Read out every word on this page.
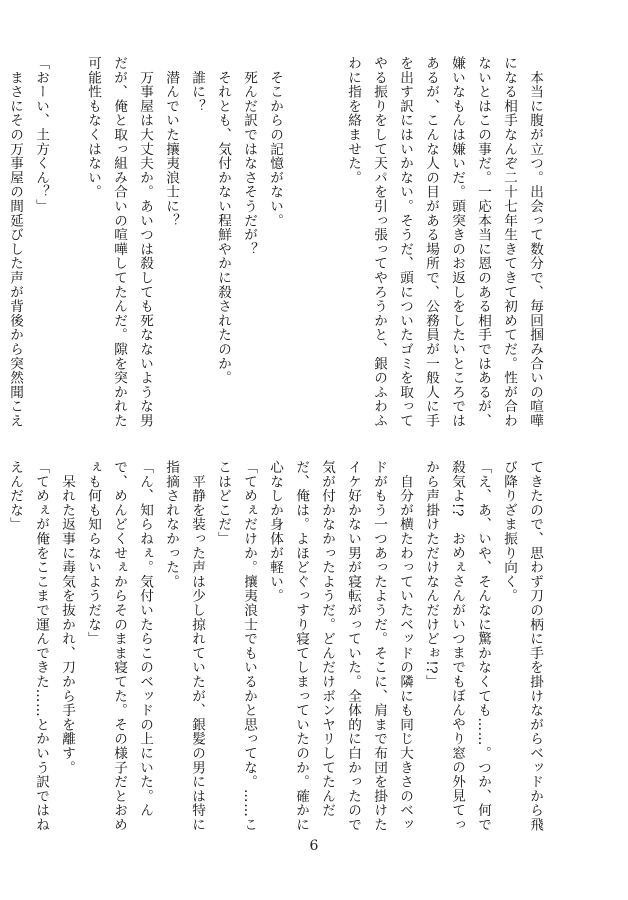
　本当に腹が立つ。出会って数分で、毎回掴み合いの喧嘩
になる相手なんぞ二十七年生きてきて初めてだ。性が合わ
ないとはこの事だ。一応本当に恩のある相手ではあるが、
嫌いなもんは嫌いだ。頭突きのお返しをしたいところでは
あるが、こんな人の目がある場所で、公務員が一般人に手
を出す訳にはいかない。そうだ、頭についたゴミを取って
やる振りをして天パを引っ張ってやろうかと、銀のふわふ
わに指を絡ませた。

　そこからの記憶がない。
　死んだ訳ではなさそうだが？
　それとも、気付かない程鮮やかに殺されたのか。
　誰に？
　潜んでいた攘夷浪士に？
　万事屋は大丈夫か。あいつは殺しても死なないような男
だが、俺と取っ組み合いの喧嘩してたんだ。隙を突かれた
可能性もなくはない。

「おーい、土方くん？」
　まさにその万事屋の間延びした声が背後から突然聞こえ
てきたので、思わず刀の柄に手を掛けながらベッドから飛
び降りざま振り向く。
「え、あ、いや、そんなに驚かなくても……。つか、何で
殺気よ!?　おめぇさんがいつまでもぼんやり窓の外見てっ
から声掛けただけなんだけどぉ!?」
　自分が横たわっていたベッドの隣にも同じ大きさのベッ
ドがもう一つあったようだ。そこに、肩まで布団を掛けた
イケ好かない男が寝転がっていた。全体的に白かったので
気が付かなかったようだ。どんだけボンヤリしてたんだ
だ、俺は。よほどぐっすり寝てしまっていたのか。確かに
心なしか身体が軽い。
「てめぇだけか。攘夷浪士でもいるかと思ってな。……こ
こはどこだ」
　平静を装った声は少し掠れていたが、銀髪の男には特に
指摘されなかった。
「ん、知らねぇ。気付いたらこのベッドの上にいた。ん
で、めんどくせぇからそのまま寝てた。その様子だとおめ
ぇも何も知らないようだな」
　呆れた返事に毒気を抜かれ、刀から手を離す。
「てめぇが俺をここまで運んできた……とかいう訳ではね
えんだな」
6
